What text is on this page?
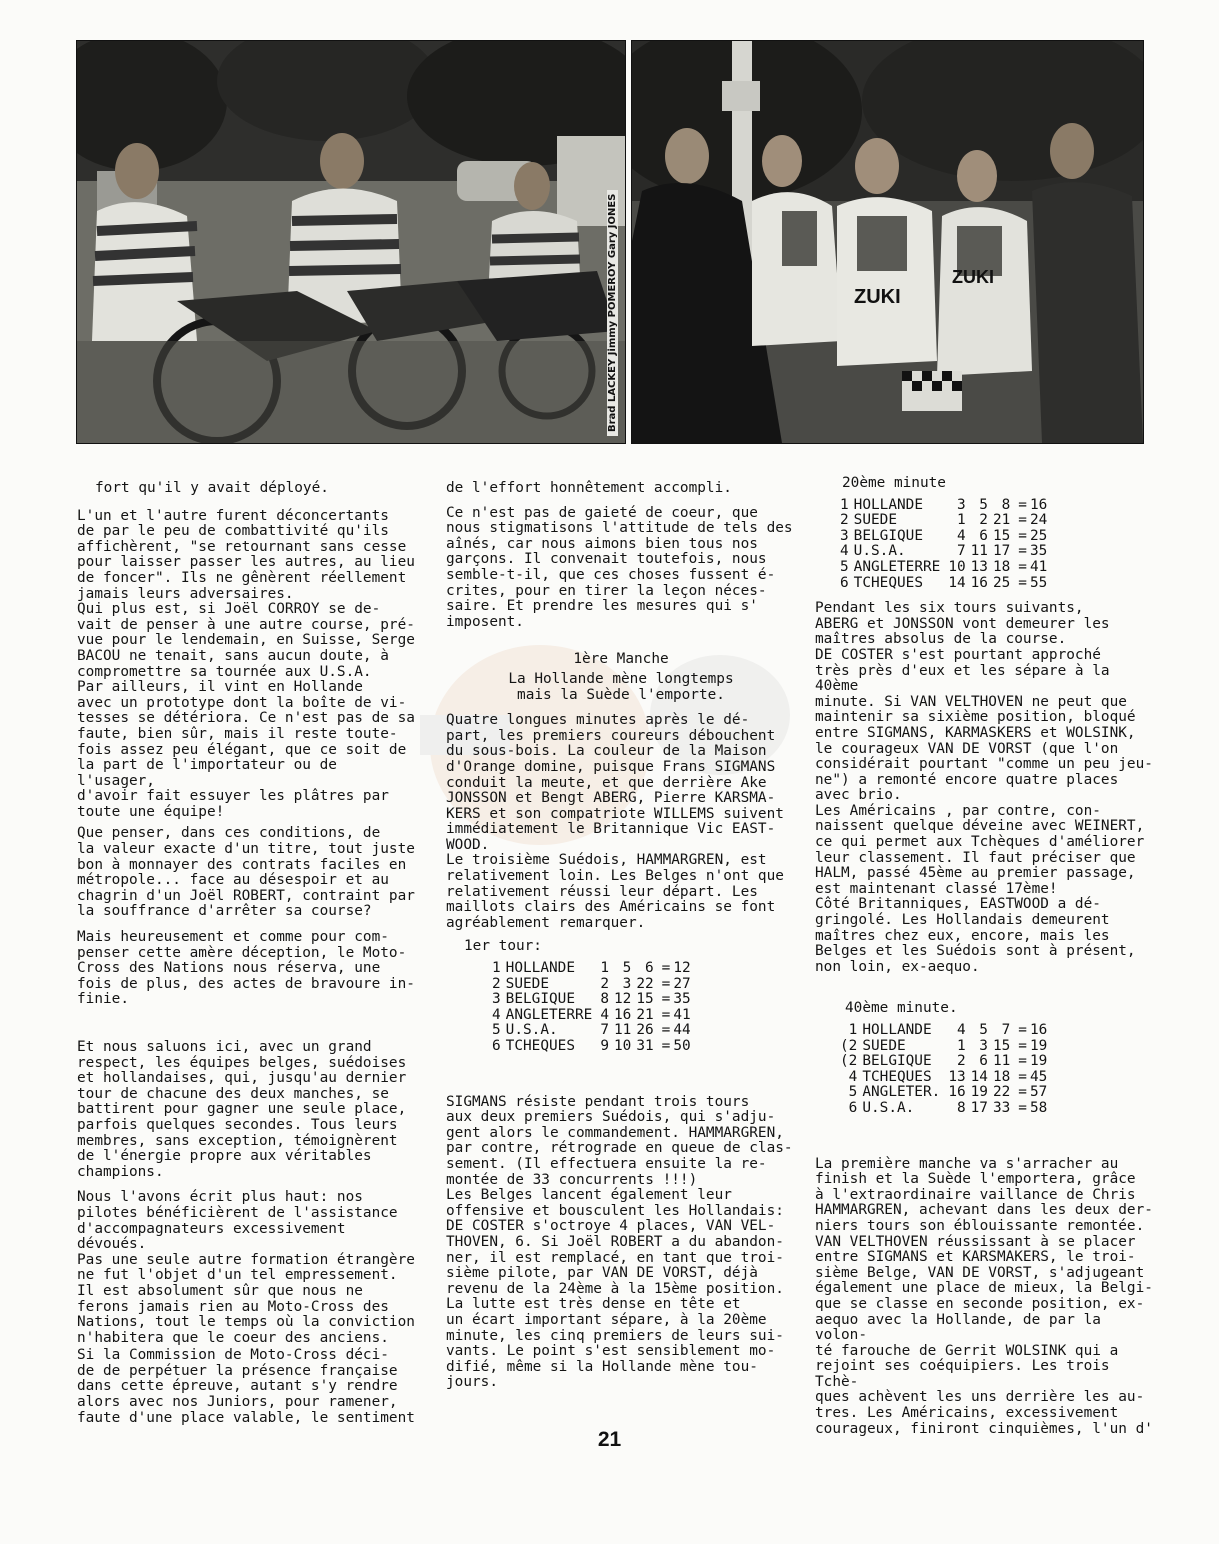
Brad LACKEY Jimmy POMEROY Gary JONES	ZUKI
ZUKI

fort qu'il y avait déployé.

L'un et l'autre furent déconcertants
de par le peu de combattivité qu'ils
affichèrent, "se retournant sans cesse
pour laisser passer les autres, au lieu
de foncer". Ils ne gênèrent réellement
jamais leurs adversaires.
Qui plus est, si Joël CORROY se de-
vait de penser à une autre course, pré-
vue pour le lendemain, en Suisse, Serge
BACOU ne tenait, sans aucun doute, à
compromettre sa tournée aux U.S.A.
Par ailleurs, il vint en Hollande
avec un prototype dont la boîte de vi-
tesses se détériora. Ce n'est pas de sa
faute, bien sûr, mais il reste toute-
fois assez peu élégant, que ce soit de
la part de l'importateur ou de l'usager,
d'avoir fait essuyer les plâtres par
toute une équipe!

Que penser, dans ces conditions, de
la valeur exacte d'un titre, tout juste
bon à monnayer des contrats faciles en
métropole... face au désespoir et au
chagrin d'un Joël ROBERT, contraint par
la souffrance d'arrêter sa course?

Mais heureusement et comme pour com-
penser cette amère déception, le Moto-
Cross des Nations nous réserva, une
fois de plus, des actes de bravoure in-
finie.

Et nous saluons ici, avec un grand
respect, les équipes belges, suédoises
et hollandaises, qui, jusqu'au dernier
tour de chacune des deux manches, se
battirent pour gagner une seule place,
parfois quelques secondes. Tous leurs
membres, sans exception, témoignèrent
de l'énergie propre aux véritables
champions.

Nous l'avons écrit plus haut: nos
pilotes bénéficièrent de l'assistance
d'accompagnateurs excessivement dévoués.
Pas une seule autre formation étrangère
ne fut l'objet d'un tel empressement.
Il est absolument sûr que nous ne
ferons jamais rien au Moto-Cross des
Nations, tout le temps où la conviction
n'habitera que le coeur des anciens.

Si la Commission de Moto-Cross déci-
de de perpétuer la présence française
dans cette épreuve, autant s'y rendre
alors avec nos Juniors, pour ramener,
faute d'une place valable, le sentiment

de l'effort honnêtement accompli.

Ce n'est pas de gaieté de coeur, que
nous stigmatisons l'attitude de tels des
aînés, car nous aimons bien tous nos
garçons. Il convenait toutefois, nous
semble-t-il, que ces choses fussent é-
crites, pour en tirer la leçon néces-
saire. Et prendre les mesures qui s'
imposent.

1ère Manche
La Hollande mène longtemps
mais la Suède l'emporte.

Quatre longues minutes après le dé-
part, les premiers coureurs débouchent
du sous-bois. La couleur de la Maison
d'Orange domine, puisque Frans SIGMANS
conduit la meute, et que derrière Ake
JONSSON et Bengt ABERG, Pierre KARSMA-
KERS et son compatriote WILLEMS suivent
immédiatement le Britannique Vic EAST-
WOOD.
Le troisième Suédois, HAMMARGREN, est
relativement loin. Les Belges n'ont que
relativement réussi leur départ. Les
maillots clairs des Américains se font
agréablement remarquer.

1er tour:

1	HOLLANDE	1	5	6	=	12
2	SUEDE	2	3	22	=	27
3	BELGIQUE	8	12	15	=	35
4	ANGLETERRE	4	16	21	=	41
5	U.S.A.	7	11	26	=	44
6	TCHEQUES	9	10	31	=	50

SIGMANS résiste pendant trois tours
aux deux premiers Suédois, qui s'adju-
gent alors le commandement. HAMMARGREN,
par contre, rétrograde en queue de clas-
sement. (Il effectuera ensuite la re-
montée de 33 concurrents !!!)
Les Belges lancent également leur
offensive et bousculent les Hollandais:
DE COSTER s'octroye 4 places, VAN VEL-
THOVEN, 6. Si Joël ROBERT a du abandon-
ner, il est remplacé, en tant que troi-
sième pilote, par VAN DE VORST, déjà
revenu de la 24ème à la 15ème position.
La lutte est très dense en tête et
un écart important sépare, à la 20ème
minute, les cinq premiers de leurs sui-
vants. Le point s'est sensiblement mo-
difié, même si la Hollande mène tou-
jours.

20ème minute

1	HOLLANDE	3	5	8	=	16
2	SUEDE	1	2	21	=	24
3	BELGIQUE	4	6	15	=	25
4	U.S.A.	7	11	17	=	35
5	ANGLETERRE	10	13	18	=	41
6	TCHEQUES	14	16	25	=	55

Pendant les six tours suivants,
ABERG et JONSSON vont demeurer les
maîtres absolus de la course.
DE COSTER s'est pourtant approché
très près d'eux et les sépare à la 40ème
minute. Si VAN VELTHOVEN ne peut que
maintenir sa sixième position, bloqué
entre SIGMANS, KARMASKERS et WOLSINK,
le courageux VAN DE VORST (que l'on
considérait pourtant "comme un peu jeu-
ne") a remonté encore quatre places
avec brio.

Les Américains , par contre, con-
naissent quelque déveine avec WEINERT,
ce qui permet aux Tchèques d'améliorer
leur classement. Il faut préciser que
HALM, passé 45ème au premier passage,
est maintenant classé 17ème!
Côté Britanniques, EASTWOOD a dé-
gringolé. Les Hollandais demeurent
maîtres chez eux, encore, mais les
Belges et les Suédois sont à présent,
non loin, ex-aequo.

40ème minute.

1	HOLLANDE	4	5	7	=	16
(2	SUEDE	1	3	15	=	19
(2	BELGIQUE	2	6	11	=	19
4	TCHEQUES	13	14	18	=	45
5	ANGLETER.	16	19	22	=	57
6	U.S.A.	8	17	33	=	58

La première manche va s'arracher au
finish et la Suède l'emportera, grâce
à l'extraordinaire vaillance de Chris
HAMMARGREN, achevant dans les deux der-
niers tours son éblouissante remontée.
VAN VELTHOVEN réussissant à se placer
entre SIGMANS et KARSMAKERS, le troi-
sième Belge, VAN DE VORST, s'adjugeant
également une place de mieux, la Belgi-
que se classe en seconde position, ex-
aequo avec la Hollande, de par la volon-
té farouche de Gerrit WOLSINK qui a
rejoint ses coéquipiers. Les trois Tchè-
ques achèvent les uns derrière les au-
tres. Les Américains, excessivement
courageux, finiront cinquièmes, l'un d'

21
